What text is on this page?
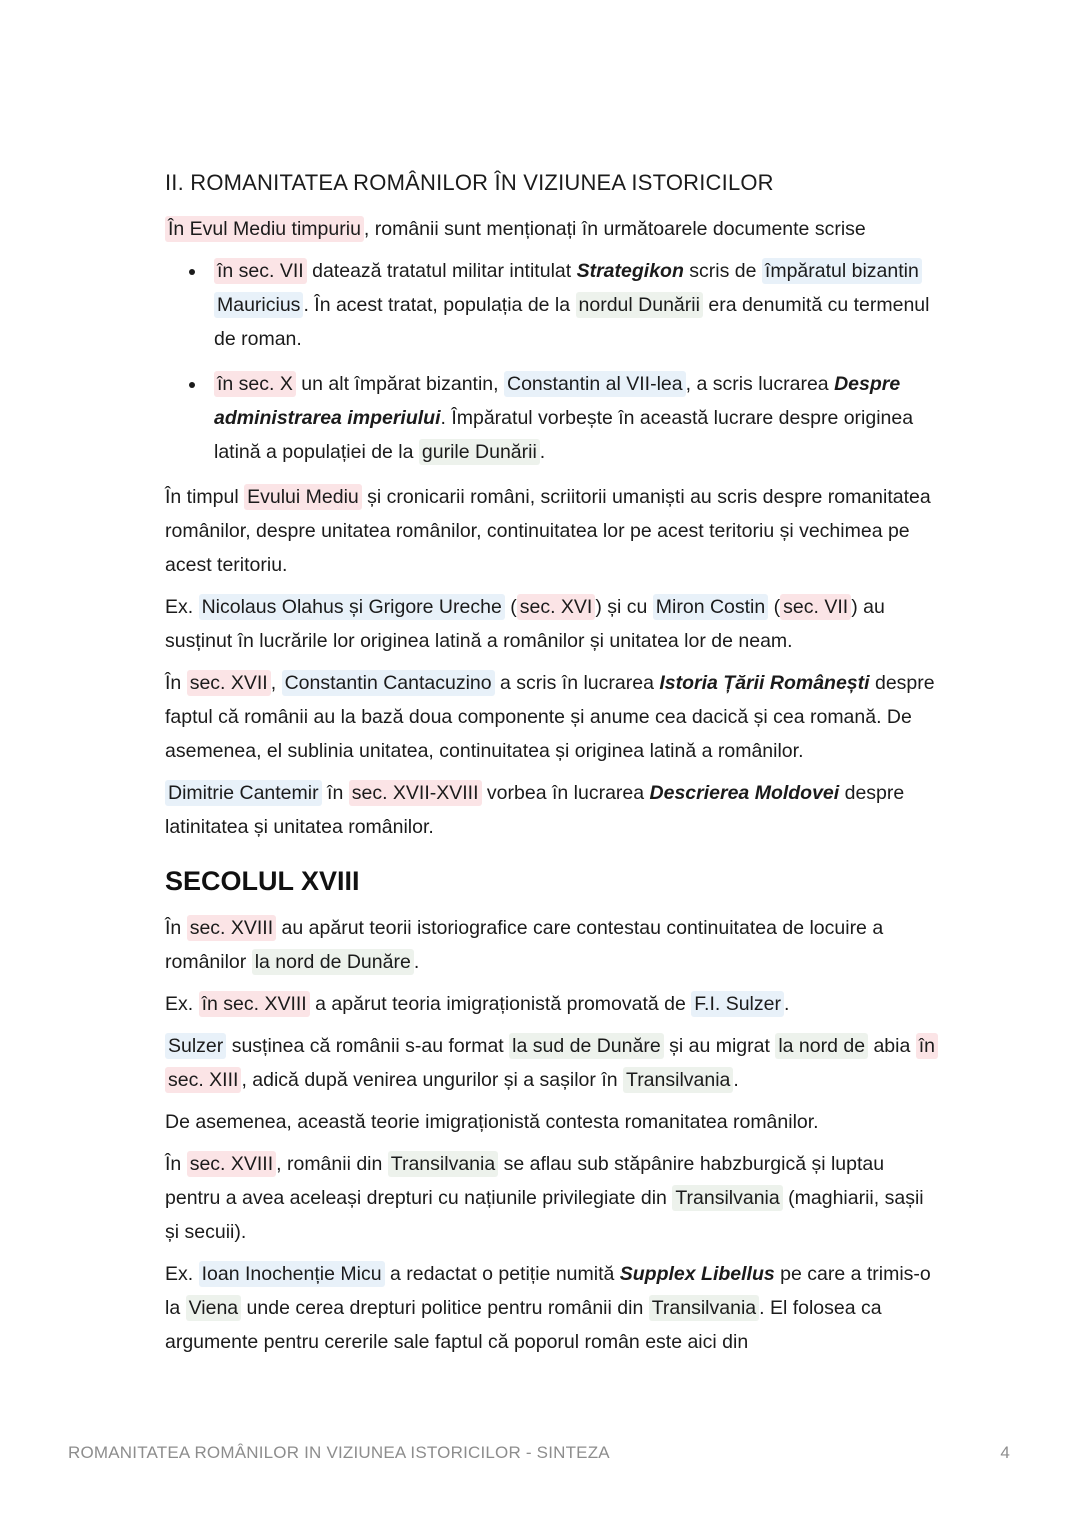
II. ROMANITATEA ROMÂNILOR ÎN VIZIUNEA ISTORICILOR

În Evul Mediu timpuriu , românii sunt menționați în următoarele documente scrise

• în sec. VII datează tratatul militar intitulat Strategikon scris de împăratul bizantin Mauricius . În acest tratat, populația de la nordul Dunării era denumită cu termenul de roman.
• în sec. X un alt împărat bizantin, Constantin al VII-lea , a scris lucrarea Despre administrarea imperiului. Împăratul vorbește în această lucrare despre originea latină a populației de la gurile Dunării .

În timpul Evului Mediu și cronicarii români, scriitorii umaniști au scris despre romanitatea românilor, despre unitatea românilor, continuitatea lor pe acest teritoriu și vechimea pe acest teritoriu.

Ex. Nicolaus Olahus și Grigore Ureche ( sec. XVI ) și cu Miron Costin ( sec. VII ) au susținut în lucrările lor originea latină a românilor și unitatea lor de neam.

În sec. XVII , Constantin Cantacuzino a scris în lucrarea Istoria Țării Românești despre faptul că românii au la bază doua componente și anume cea dacică și cea romană. De asemenea, el sublinia unitatea, continuitatea și originea latină a românilor.

Dimitrie Cantemir în sec. XVII-XVIII vorbea în lucrarea Descrierea Moldovei despre latinitatea și unitatea românilor.

SECOLUL XVIII

În sec. XVIII au apărut teorii istoriografice care contestau continuitatea de locuire a românilor la nord de Dunăre .

Ex. în sec. XVIII a apărut teoria imigraționistă promovată de F.I. Sulzer .

Sulzer susținea că românii s-au format la sud de Dunăre și au migrat la nord de abia în sec. XIII , adică după venirea ungurilor și a sașilor în Transilvania .

De asemenea, această teorie imigraționistă contesta romanitatea românilor.

În sec. XVIII , românii din Transilvania se aflau sub stăpânire habzburgică și luptau pentru a avea aceleași drepturi cu națiunile privilegiate din Transilvania (maghiarii, sașii și secuii).

Ex. Ioan Inochenție Micu a redactat o petiție numită Supplex Libellus pe care a trimis-o la Viena unde cerea drepturi politice pentru românii din Transilvania . El folosea ca argumente pentru cererile sale faptul că poporul român este aici din

ROMANITATEA ROMÂNILOR IN VIZIUNEA ISTORICILOR - SINTEZA	4
